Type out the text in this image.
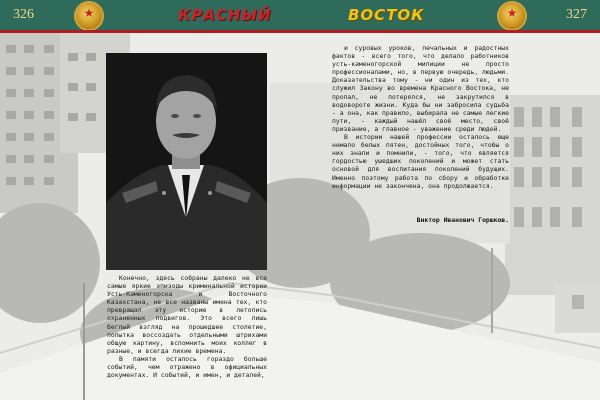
326	★	КРАСНЫЙ	ВОСТОК	★	327

Конечно, здесь собраны далеко не все самые яркие эпизоды криминальной истории Усть-Каменогорска и Восточного Казахстана, не все названы имена тех, кто превращал эту историю в летопись охраненных подвигов. Это всего лишь беглый взгляд на прошедшее столетие, попытка воссоздать отдельными штрихами общую картину, вспомнить моих коллег в разные, и всегда лихие времена.

В памяти осталось гораздо больше событий, чем отражено в официальных документах. И событий, и имен, и деталей,

и суровых уроков, печальных и радостных фактов - всего того, что делало работников усть-каменогорской милиции не просто профессионалами, но, в первую очередь, людьми. Доказательства тому - ни один из тех, кто служил Закону во времена Красного Востока, не пропал, не потерялся, не закрутился в водовороте жизни. Куда бы ни забросила судьба - а она, как правило, выбирала не самые легкие пути, - каждый нашёл своё место, своё призвание, а главное - уважение среди людей.

В истории нашей профессии осталось еще немало белых пятен, достойных того, чтобы о них знали и помнили, - того, что является гордостью ушедших поколений и может стать основой для воспитания поколений будущих. Именно поэтому работа по сбору и обработке информации не закончена, она продолжается.

Виктор Иванович Горшков.
